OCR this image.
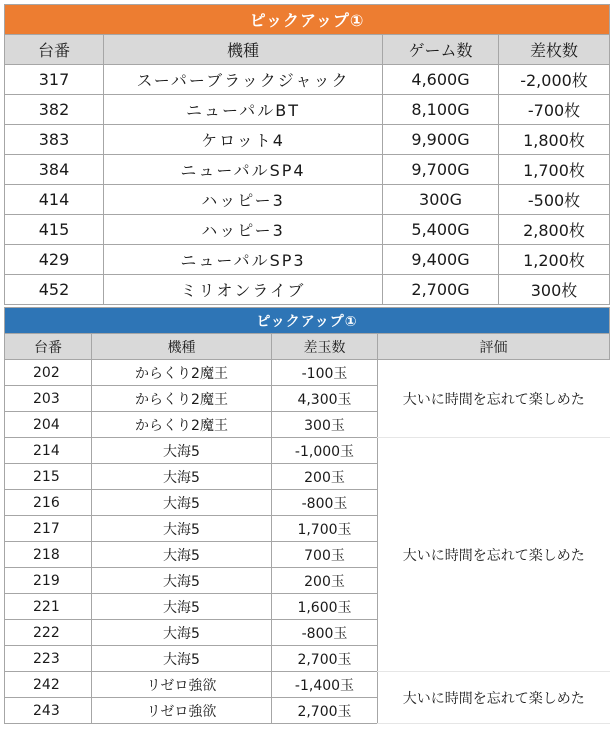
ピックアップ①			
台番	機種	ゲーム数	差枚数
317	スーパーブラックジャック	4,600G	-2,000枚
382	ニューパルBT	8,100G	-700枚
383	ケロット4	9,900G	1,800枚
384	ニューパルSP4	9,700G	1,700枚
414	ハッピー3	300G	-500枚
415	ハッピー3	5,400G	2,800枚
429	ニューパルSP3	9,400G	1,200枚
452	ミリオンライブ	2,700G	300枚
ピックアップ①			
台番	機種	差玉数	評価
202	からくり2魔王	-100玉	大いに時間を忘れて楽しめた
203	からくり2魔王	4,300玉	
204	からくり2魔王	300玉	
214	大海5	-1,000玉	大いに時間を忘れて楽しめた
215	大海5	200玉	
216	大海5	-800玉	
217	大海5	1,700玉	
218	大海5	700玉	
219	大海5	200玉	
221	大海5	1,600玉	
222	大海5	-800玉	
223	大海5	2,700玉	
242	リゼロ強欲	-1,400玉	大いに時間を忘れて楽しめた
243	リゼロ強欲	2,700玉	
